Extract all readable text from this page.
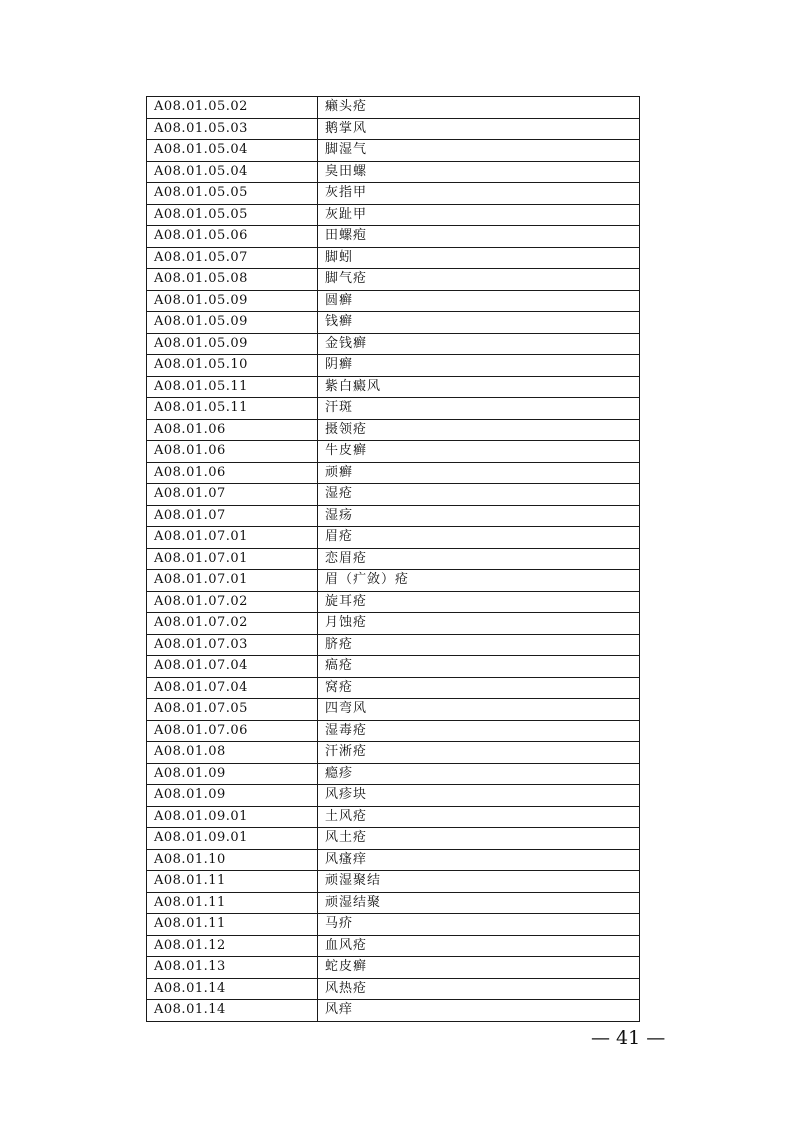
A08.01.05.02	癞头疮
A08.01.05.03	鹅掌风
A08.01.05.04	脚湿气
A08.01.05.04	臭田螺
A08.01.05.05	灰指甲
A08.01.05.05	灰趾甲
A08.01.05.06	田螺疱
A08.01.05.07	脚蚓
A08.01.05.08	脚气疮
A08.01.05.09	圆癣
A08.01.05.09	钱癣
A08.01.05.09	金钱癣
A08.01.05.10	阴癣
A08.01.05.11	紫白癜风
A08.01.05.11	汗斑
A08.01.06	摄领疮
A08.01.06	牛皮癣
A08.01.06	顽癣
A08.01.07	湿疮
A08.01.07	湿疡
A08.01.07.01	眉疮
A08.01.07.01	恋眉疮
A08.01.07.01	眉（疒敛）疮
A08.01.07.02	旋耳疮
A08.01.07.02	月蚀疮
A08.01.07.03	脐疮
A08.01.07.04	瘑疮
A08.01.07.04	窝疮
A08.01.07.05	四弯风
A08.01.07.06	湿毒疮
A08.01.08	汗淅疮
A08.01.09	瘾疹
A08.01.09	风疹块
A08.01.09.01	土风疮
A08.01.09.01	风土疮
A08.01.10	风瘙痒
A08.01.11	顽湿聚结
A08.01.11	顽湿结聚
A08.01.11	马疥
A08.01.12	血风疮
A08.01.13	蛇皮癣
A08.01.14	风热疮
A08.01.14	风痒
— 41 —
